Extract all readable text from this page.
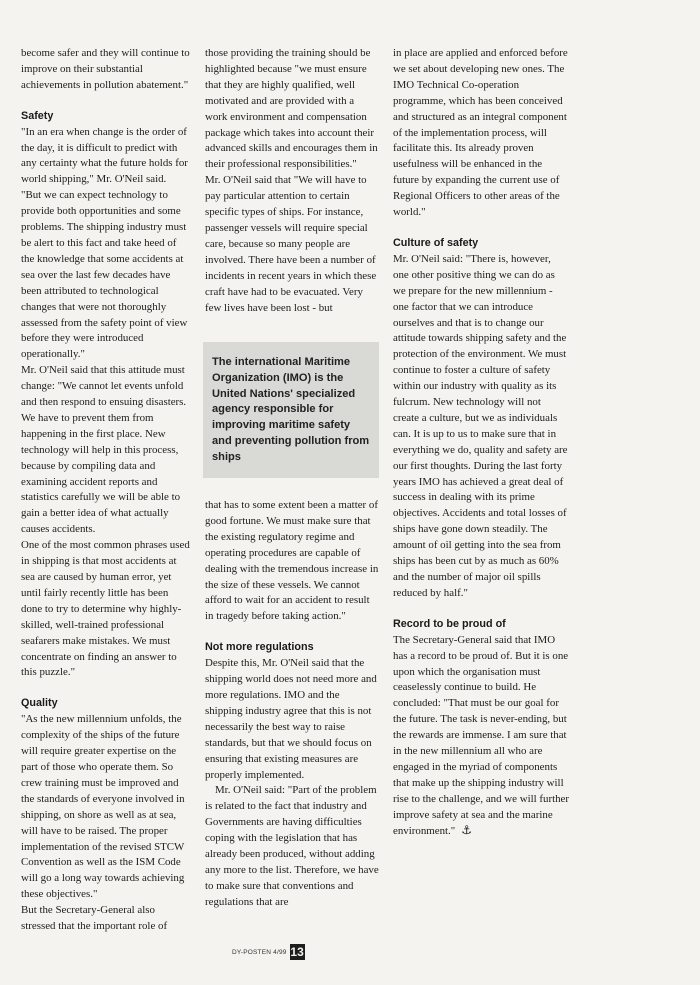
become safer and they will continue to improve on their substantial achievements in pollution abatement."

Safety

"In an era when change is the order of the day, it is difficult to predict with any certainty what the future holds for world shipping," Mr. O'Neil said.

"But we can expect technology to provide both opportunities and some problems. The shipping industry must be alert to this fact and take heed of the knowledge that some accidents at sea over the last few decades have been attributed to technological changes that were not thoroughly assessed from the safety point of view before they were introduced operationally."

Mr. O'Neil said that this attitude must change: "We cannot let events unfold and then respond to ensuing disasters. We have to prevent them from happening in the first place. New technology will help in this process, because by compiling data and examining accident reports and statistics carefully we will be able to gain a better idea of what actually causes accidents.

One of the most common phrases used in shipping is that most accidents at sea are caused by human error, yet until fairly recently little has been done to try to determine why highly-skilled, well-trained professional seafarers make mistakes. We must concentrate on finding an answer to this puzzle."

Quality

"As the new millennium unfolds, the complexity of the ships of the future will require greater expertise on the part of those who operate them. So crew training must be improved and the standards of everyone involved in shipping, on shore as well as at sea, will have to be raised. The proper implementation of the revised STCW Convention as well as the ISM Code will go a long way towards achieving these objectives."

But the Secretary-General also stressed that the important role of

those providing the training should be highlighted because "we must ensure that they are highly qualified, well motivated and are provided with a work environment and compensation package which takes into account their advanced skills and encourages them in their professional responsibilities."

Mr. O'Neil said that "We will have to pay particular attention to certain specific types of ships. For instance, passenger vessels will require special care, because so many people are involved. There have been a number of incidents in recent years in which these craft have had to be evacuated. Very few lives have been lost - but

The international Maritime Organization (IMO) is the United Nations' specialized agency responsible for improving maritime safety and preventing pollution from ships

that has to some extent been a matter of good fortune. We must make sure that the existing regulatory regime and operating procedures are capable of dealing with the tremendous increase in the size of these vessels. We cannot afford to wait for an accident to result in tragedy before taking action."

Not more regulations

Despite this, Mr. O'Neil said that the shipping world does not need more and more regulations. IMO and the shipping industry agree that this is not necessarily the best way to raise standards, but that we should focus on ensuring that existing measures are properly implemented.

Mr. O'Neil said: "Part of the problem is related to the fact that industry and Governments are having difficulties coping with the legislation that has already been produced, without adding any more to the list. Therefore, we have to make sure that conventions and regulations that are

in place are applied and enforced before we set about developing new ones. The IMO Technical Co-operation programme, which has been conceived and structured as an integral component of the implementation process, will facilitate this. Its already proven usefulness will be enhanced in the future by expanding the current use of Regional Officers to other areas of the world."

Culture of safety

Mr. O'Neil said: "There is, however, one other positive thing we can do as we prepare for the new millennium - one factor that we can introduce ourselves and that is to change our attitude towards shipping safety and the protection of the environment. We must continue to foster a culture of safety within our industry with quality as its fulcrum. New technology will not create a culture, but we as individuals can. It is up to us to make sure that in everything we do, quality and safety are our first thoughts. During the last forty years IMO has achieved a great deal of success in dealing with its prime objectives. Accidents and total losses of ships have gone down steadily. The amount of oil getting into the sea from ships has been cut by as much as 60% and the number of major oil spills reduced by half."

Record to be proud of

The Secretary-General said that IMO has a record to be proud of. But it is one upon which the organisation must ceaselessly continue to build. He concluded: "That must be our goal for the future. The task is never-ending, but the rewards are immense. I am sure that in the new millennium all who are engaged in the myriad of components that make up the shipping industry will rise to the challenge, and we will further improve safety at sea and the marine environment." ⚓

DY-POSTEN 4/99 13
